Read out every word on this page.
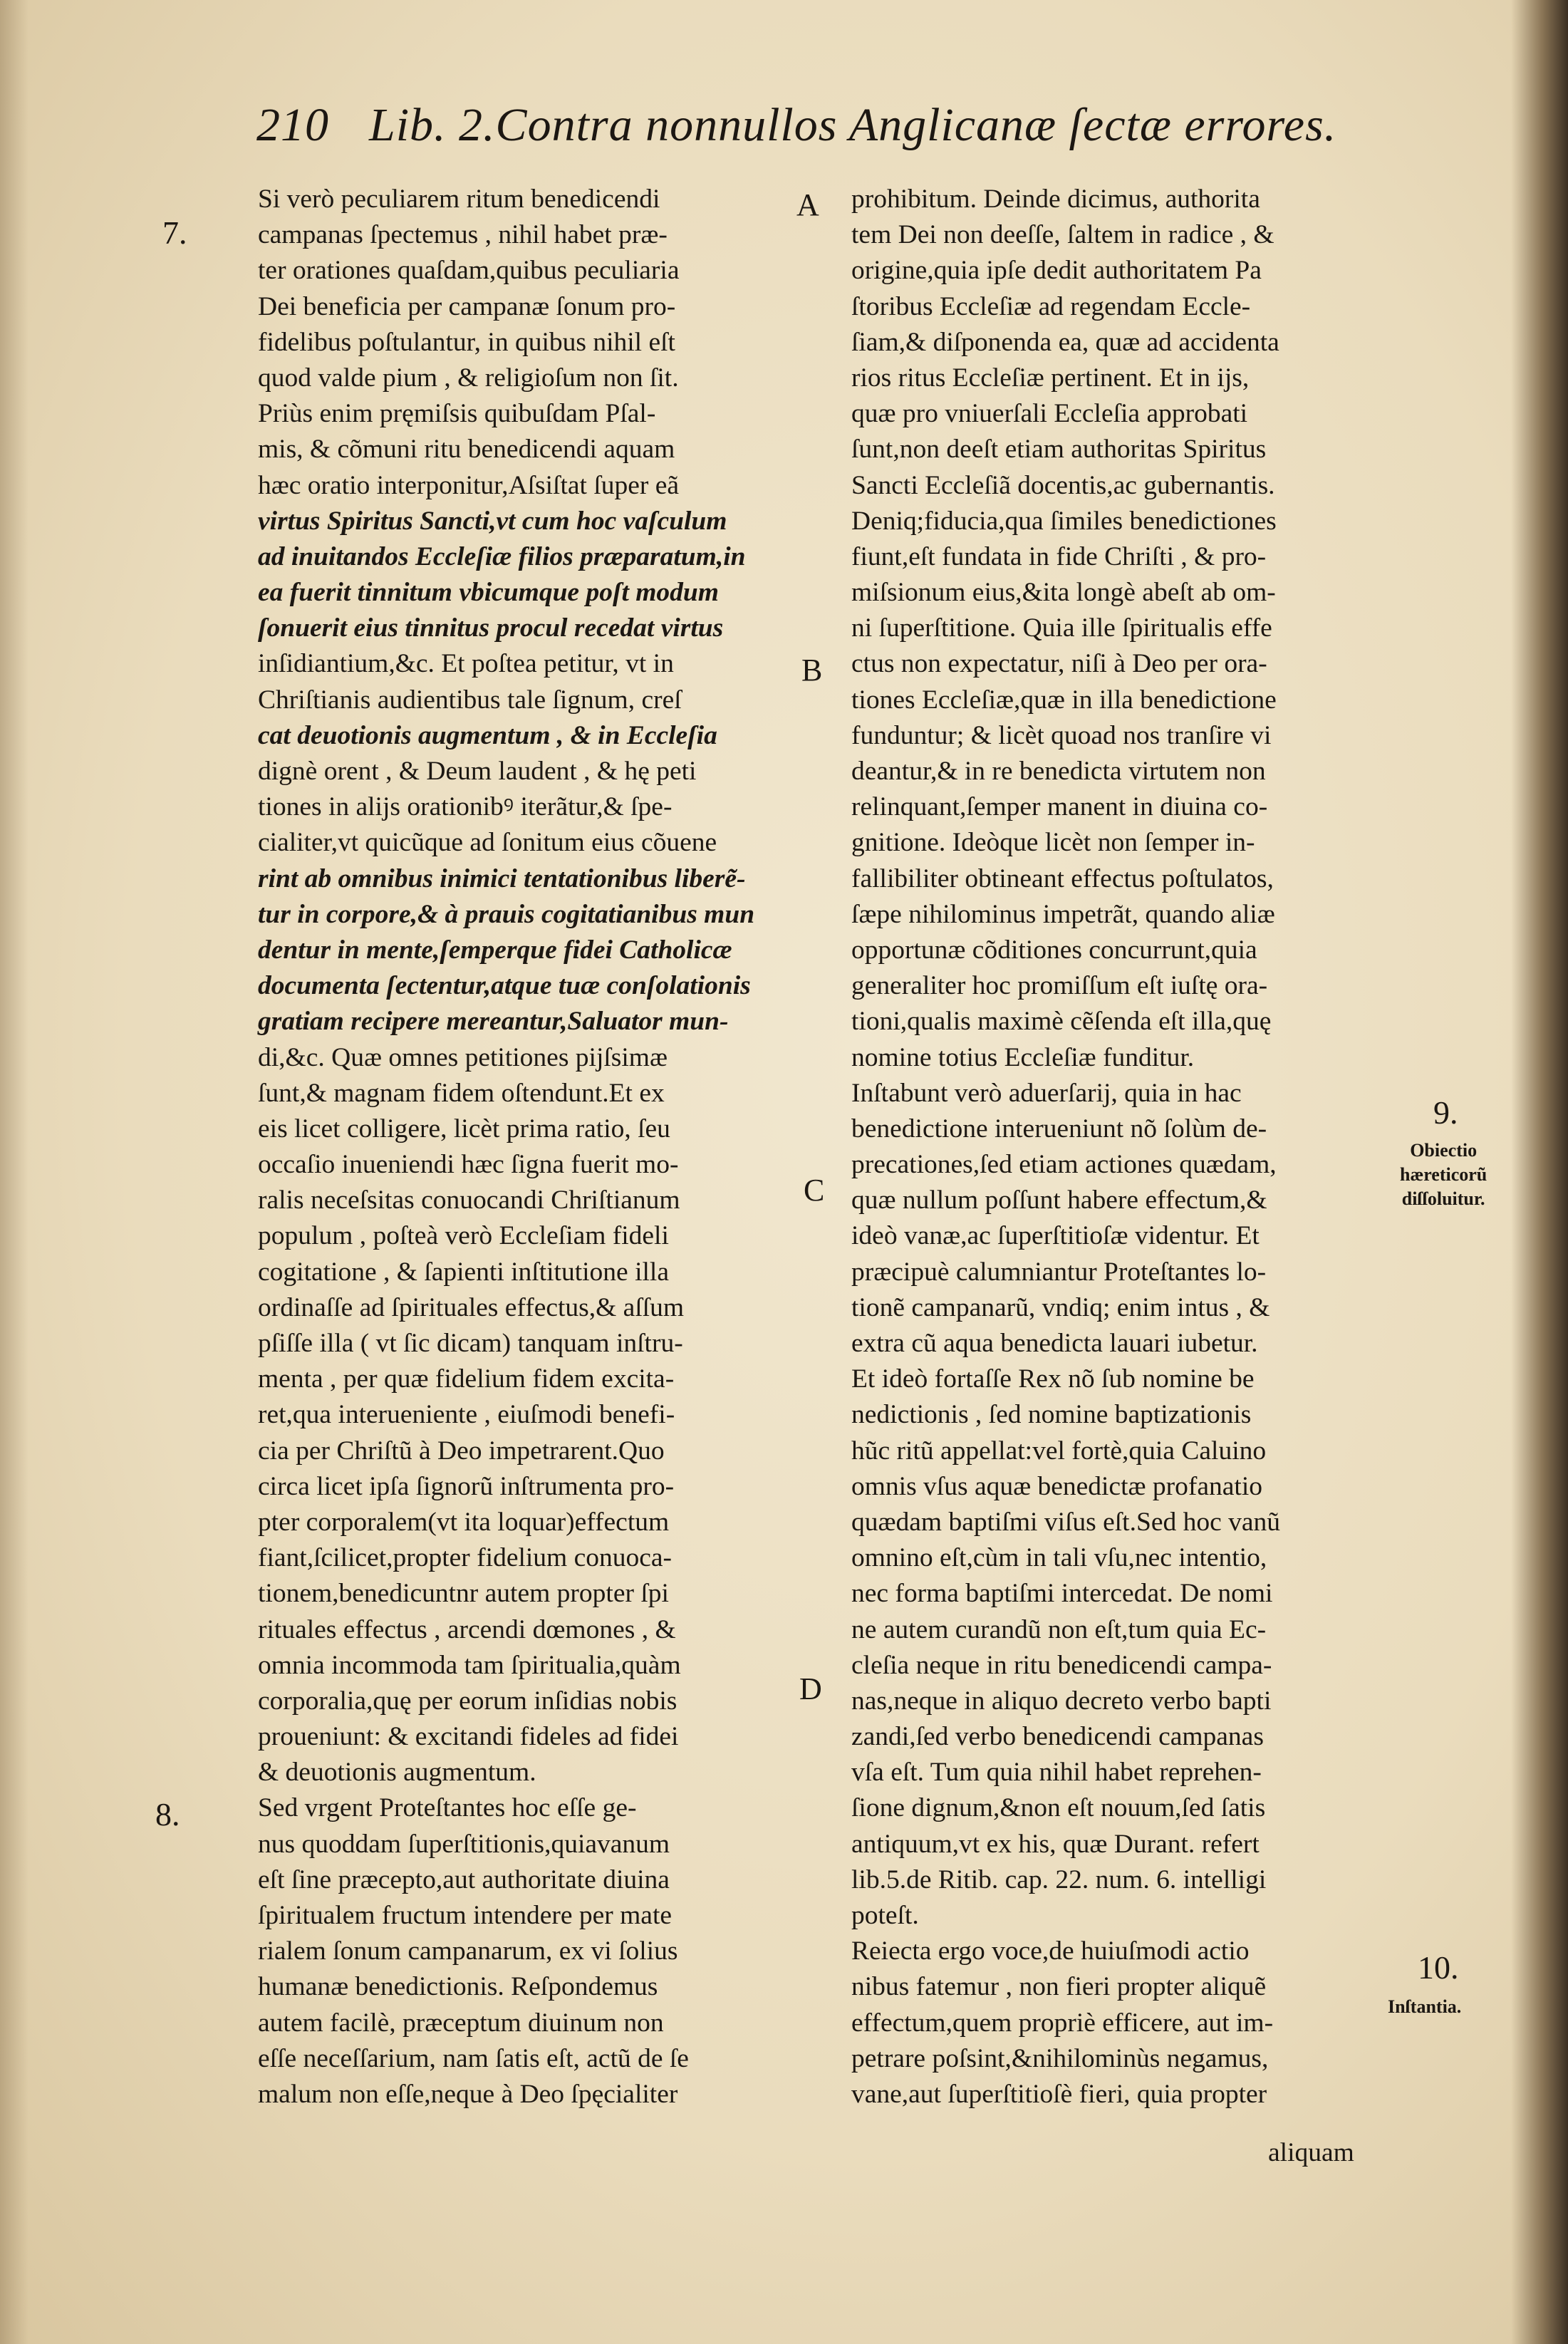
210 Lib. 2.Contra nonnullos Anglicanæ ſectæ errores.
7.
8.
9.
10.
A
B
C
D
Obiectio
hæreticorũ
diſſoluitur.
Inſtantia.
Si verò peculiarem ritum benedicendi
campanas ſpectemus , nihil habet præ-
ter orationes quaſdam,quibus peculiaria
Dei beneficia per campanæ ſonum pro-
fidelibus poſtulantur, in quibus nihil eſt
quod valde pium , & religioſum non ſit.
Priùs enim pręmiſsis quibuſdam Pſal-
mis, & cõmuni ritu benedicendi aquam
hæc oratio interponitur,Aſsiſtat ſuper eã
virtus Spiritus Sancti,vt cum hoc vaſculum
ad inuitandos Eccleſiæ filios præparatum,in
ea fuerit tinnitum vbicumque poſt modum
ſonuerit eius tinnitus procul recedat virtus
inſidiantium,&c. Et poſtea petitur, vt in
Chriſtianis audientibus tale ſignum, creſ
cat deuotionis augmentum , & in Eccleſia
dignè orent , & Deum laudent , & hę peti
tiones in alijs orationibꝰ iterãtur,& ſpe-
cialiter,vt quicũque ad ſonitum eius cõuene
rint ab omnibus inimici tentationibus liberẽ-
tur in corpore,& à prauis cogitatianibus mun
dentur in mente,ſemperque fidei Catholicæ
documenta ſectentur,atque tuæ conſolationis
gratiam recipere mereantur,Saluator mun-
di,&c. Quæ omnes petitiones pijſsimæ
ſunt,& magnam fidem oſtendunt.Et ex
eis licet colligere, licèt prima ratio, ſeu
occaſio inueniendi hæc ſigna fuerit mo-
ralis neceſsitas conuocandi Chriſtianum
populum , poſteà verò Eccleſiam fideli
cogitatione , & ſapienti inſtitutione illa
ordinaſſe ad ſpirituales effectus,& aſſum
pſiſſe illa ( vt ſic dicam) tanquam inſtru-
menta , per quæ fidelium fidem excita-
ret,qua interueniente , eiuſmodi benefi-
cia per Chriſtũ à Deo impetrarent.Quo
circa licet ipſa ſignorũ inſtrumenta pro-
pter corporalem(vt ita loquar)effectum
fiant,ſcilicet,propter fidelium conuoca-
tionem,benedicuntnr autem propter ſpi
rituales effectus , arcendi dœmones , &
omnia incommoda tam ſpiritualia,quàm
corporalia,quę per eorum inſidias nobis
proueniunt: & excitandi fideles ad fidei
& deuotionis augmentum.
Sed vrgent Proteſtantes hoc eſſe ge-
nus quoddam ſuperſtitionis,quiavanum
eſt ſine præcepto,aut authoritate diuina
ſpiritualem fructum intendere per mate
rialem ſonum campanarum, ex vi ſolius
humanæ benedictionis. Reſpondemus
autem facilè, præceptum diuinum non
eſſe neceſſarium, nam ſatis eſt, actũ de ſe
malum non eſſe,neque à Deo ſpęcialiter
prohibitum. Deinde dicimus, authorita
tem Dei non deeſſe, ſaltem in radice , &
origine,quia ipſe dedit authoritatem Pa
ſtoribus Eccleſiæ ad regendam Eccle-
ſiam,& diſponenda ea, quæ ad accidenta
rios ritus Eccleſiæ pertinent. Et in ijs,
quæ pro vniuerſali Eccleſia approbati
ſunt,non deeſt etiam authoritas Spiritus
Sancti Eccleſiã docentis,ac gubernantis.
Deniq;fiducia,qua ſimiles benedictiones
fiunt,eſt fundata in fide Chriſti , & pro-
miſsionum eius,&ita longè abeſt ab om-
ni ſuperſtitione. Quia ille ſpiritualis effe
ctus non expectatur, niſi à Deo per ora-
tiones Eccleſiæ,quæ in illa benedictione
funduntur; & licèt quoad nos tranſire vi
deantur,& in re benedicta virtutem non
relinquant,ſemper manent in diuina co-
gnitione. Ideòque licèt non ſemper in-
fallibiliter obtineant effectus poſtulatos,
ſæpe nihilominus impetrãt, quando aliæ
opportunæ cõditiones concurrunt,quia
generaliter hoc promiſſum eſt iuſtę ora-
tioni,qualis maximè cẽſenda eſt illa,quę
nomine totius Eccleſiæ funditur.
Inſtabunt verò aduerſarij, quia in hac
benedictione interueniunt nõ ſolùm de-
precationes,ſed etiam actiones quædam,
quæ nullum poſſunt habere effectum,&
ideò vanæ,ac ſuperſtitioſæ videntur. Et
præcipuè calumniantur Proteſtantes lo-
tionẽ campanarũ, vndiq; enim intus , &
extra cũ aqua benedicta lauari iubetur.
Et ideò fortaſſe Rex nõ ſub nomine be
nedictionis , ſed nomine baptizationis
hũc ritũ appellat:vel fortè,quia Caluino
omnis vſus aquæ benedictæ profanatio
quædam baptiſmi viſus eſt.Sed hoc vanũ
omnino eſt,cùm in tali vſu,nec intentio,
nec forma baptiſmi intercedat. De nomi
ne autem curandũ non eſt,tum quia Ec-
cleſia neque in ritu benedicendi campa-
nas,neque in aliquo decreto verbo bapti
zandi,ſed verbo benedicendi campanas
vſa eſt. Tum quia nihil habet reprehen-
ſione dignum,&non eſt nouum,ſed ſatis
antiquum,vt ex his, quæ Durant. refert
lib.5.de Ritib. cap. 22. num. 6. intelligi
poteſt.
Reiecta ergo voce,de huiuſmodi actio
nibus fatemur , non fieri propter aliquẽ
effectum,quem propriè efficere, aut im-
petrare poſsint,&nihilominùs negamus,
vane,aut ſuperſtitioſè fieri, quia propter
aliquam
